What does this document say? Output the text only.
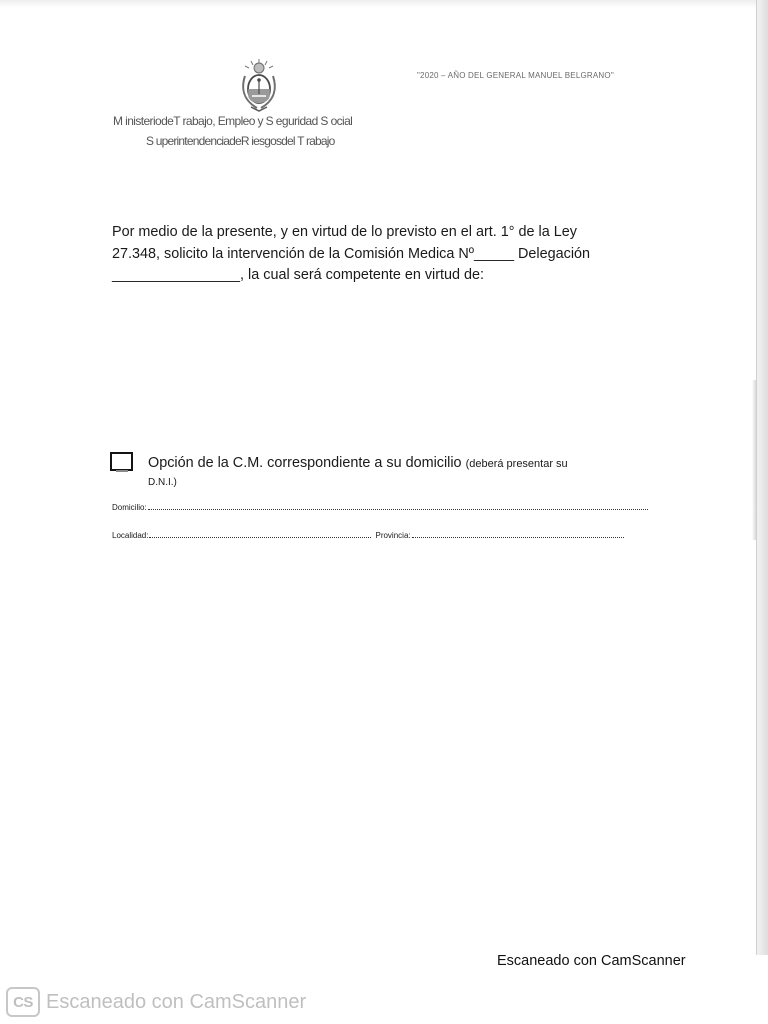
"2020 – AÑO DEL GENERAL MANUEL BELGRANO"
M inisteriodeT rabajo, Empleo y S eguridad S ocial
S uperintendenciadeR iesgosdel T rabajo
Por medio de la presente, y en virtud de lo previsto en el art. 1° de la Ley
27.348, solicito la intervención de la Comisión Medica Nº_____ Delegación
________________, la cual será competente en virtud de:
Opción de la C.M. correspondiente a su domicilio (deberá presentar su
D.N.I.)
Domicilio:
Localidad:	Provincia:
Escaneado con CamScanner
CS Escaneado con CamScanner
